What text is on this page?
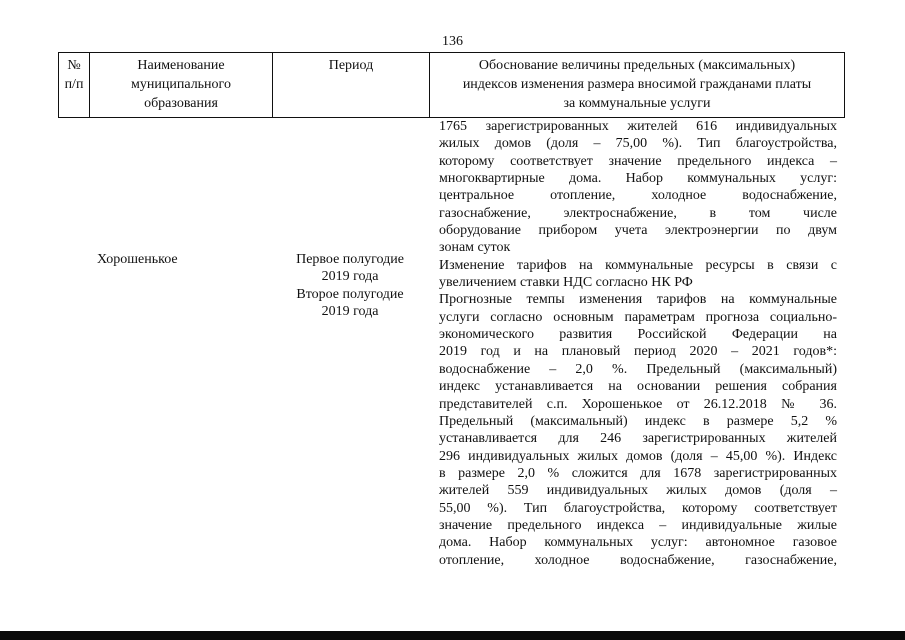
136
№
п/п
Наименование
муниципального
образования
Период	Обоснование величины предельных (максимальных)
индексов изменения размера вносимой гражданами платы
за коммунальные услуги
Хорошенькое	Первое полугодие
2019 года
Второе полугодие
2019 года
1765 зарегистрированных жителей 616 индивидуальных
жилых домов (доля – 75,00 %). Тип благоустройства,
которому соответствует значение предельного индекса –
многоквартирные дома. Набор коммунальных услуг:
центральное отопление, холодное водоснабжение,
газоснабжение, электроснабжение, в том числе
оборудование прибором учета электроэнергии по двум
зонам суток
Изменение тарифов на коммунальные ресурсы в связи с
увеличением ставки НДС согласно НК РФ
Прогнозные темпы изменения тарифов на коммунальные
услуги согласно основным параметрам прогноза социально-
экономического развития Российской Федерации на
2019 год и на плановый период 2020 – 2021 годов*:
водоснабжение – 2,0 %. Предельный (максимальный)
индекс устанавливается на основании решения собрания
представителей с.п. Хорошенькое от 26.12.2018 № 36.
Предельный (максимальный) индекс в размере 5,2 %
устанавливается для 246 зарегистрированных жителей
296 индивидуальных жилых домов (доля – 45,00 %). Индекс
в размере 2,0 % сложится для 1678 зарегистрированных
жителей 559 индивидуальных жилых домов (доля –
55,00 %). Тип благоустройства, которому соответствует
значение предельного индекса – индивидуальные жилые
дома. Набор коммунальных услуг: автономное газовое
отопление, холодное водоснабжение, газоснабжение,
